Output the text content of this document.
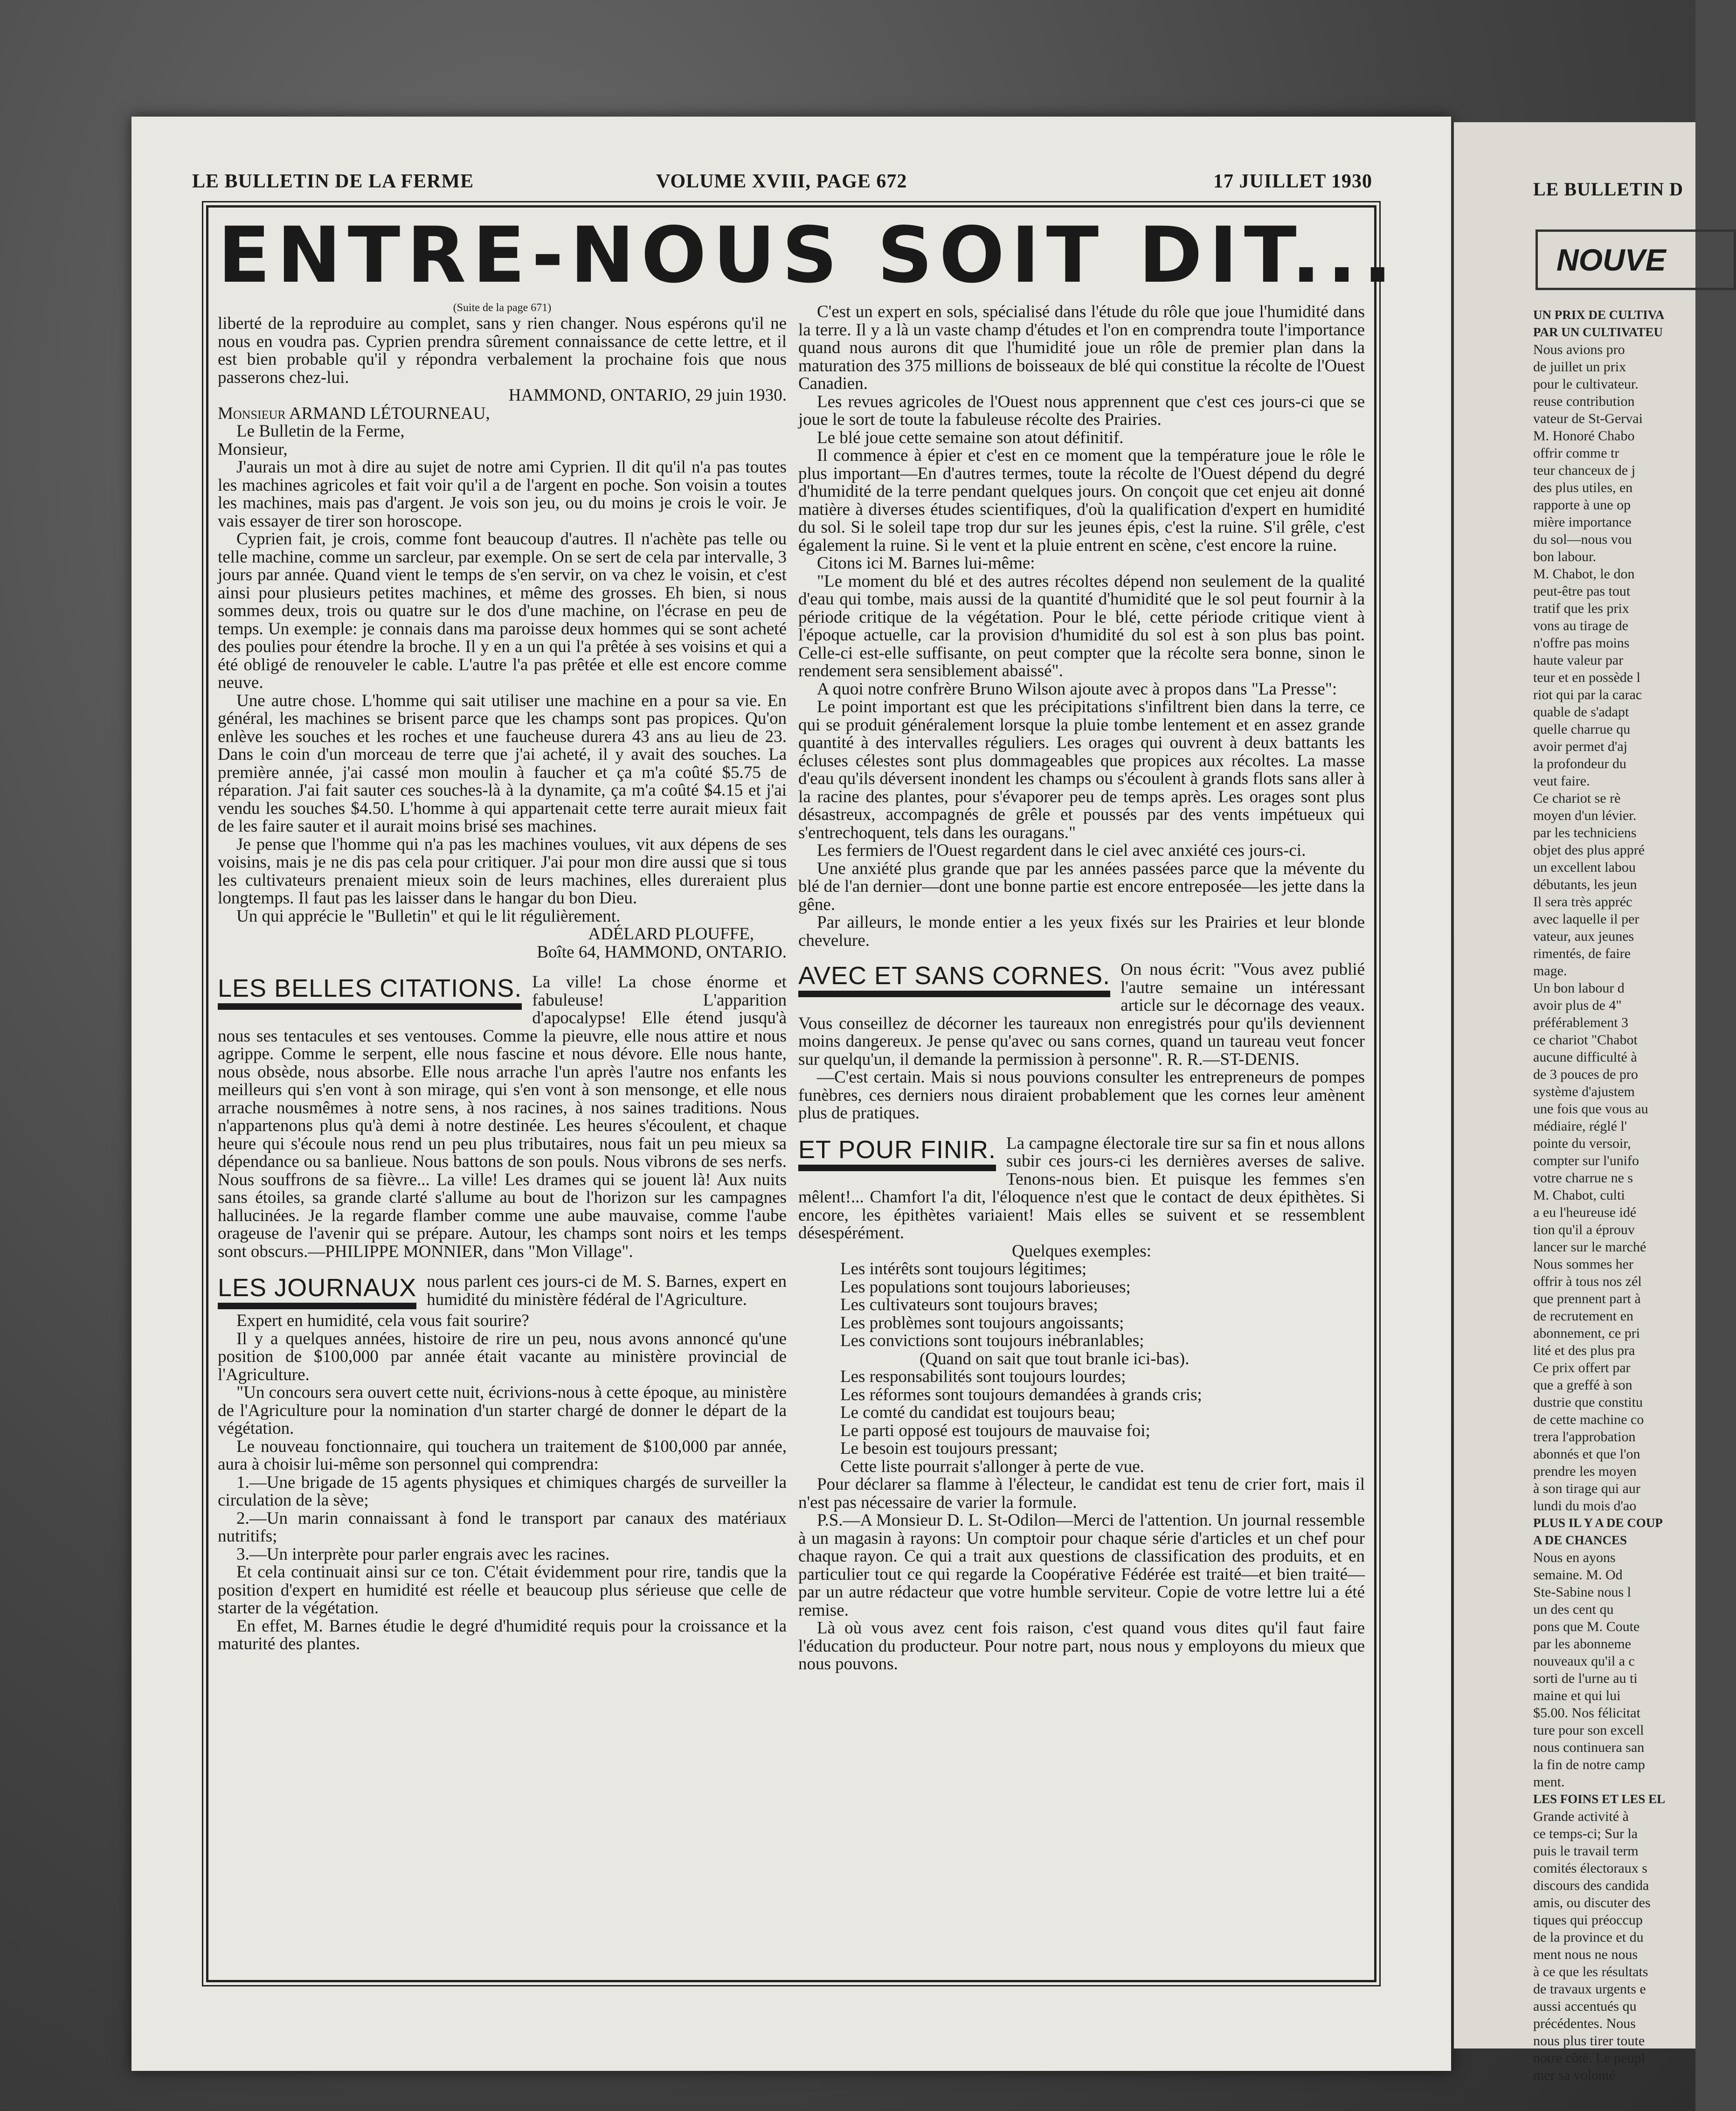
LE BULLETIN DE LA FERME	VOLUME XVIII, PAGE 672	17 JUILLET 1930
ENTRE-NOUS SOIT DIT...
(Suite de la page 671)

liberté de la reproduire au complet, sans y rien changer. Nous espérons qu'il ne nous en voudra pas. Cyprien prendra sûrement connaissance de cette lettre, et il est bien probable qu'il y répondra verbalement la prochaine fois que nous passerons chez-lui.

HAMMOND, ONTARIO, 29 juin 1930.

Monsieur ARMAND LÉTOURNEAU,

Le Bulletin de la Ferme,

Monsieur,

J'aurais un mot à dire au sujet de notre ami Cyprien. Il dit qu'il n'a pas toutes les machines agricoles et fait voir qu'il a de l'argent en poche. Son voisin a toutes les machines, mais pas d'argent. Je vois son jeu, ou du moins je crois le voir. Je vais essayer de tirer son horoscope.

Cyprien fait, je crois, comme font beaucoup d'autres. Il n'achète pas telle ou telle machine, comme un sarcleur, par exemple. On se sert de cela par intervalle, 3 jours par année. Quand vient le temps de s'en servir, on va chez le voisin, et c'est ainsi pour plusieurs petites machines, et même des grosses. Eh bien, si nous sommes deux, trois ou quatre sur le dos d'une machine, on l'écrase en peu de temps. Un exemple: je connais dans ma paroisse deux hommes qui se sont acheté des poulies pour étendre la broche. Il y en a un qui l'a prêtée à ses voisins et qui a été obligé de renouveler le cable. L'autre l'a pas prêtée et elle est encore comme neuve.

Une autre chose. L'homme qui sait utiliser une machine en a pour sa vie. En général, les machines se brisent parce que les champs sont pas propices. Qu'on enlève les souches et les roches et une faucheuse durera 43 ans au lieu de 23. Dans le coin d'un morceau de terre que j'ai acheté, il y avait des souches. La première année, j'ai cassé mon moulin à faucher et ça m'a coûté $5.75 de réparation. J'ai fait sauter ces souches-là à la dynamite, ça m'a coûté $4.15 et j'ai vendu les souches $4.50. L'homme à qui appartenait cette terre aurait mieux fait de les faire sauter et il aurait moins brisé ses machines.

Je pense que l'homme qui n'a pas les machines voulues, vit aux dépens de ses voisins, mais je ne dis pas cela pour critiquer. J'ai pour mon dire aussi que si tous les cultivateurs prenaient mieux soin de leurs machines, elles dureraient plus longtemps. Il faut pas les laisser dans le hangar du bon Dieu.

Un qui apprécie le "Bulletin" et qui le lit régulièrement.

ADÉLARD PLOUFFE,

Boîte 64, HAMMOND, ONTARIO.

LES BELLES CITATIONS. La ville! La chose énorme et fabuleuse! L'apparition d'apocalypse! Elle étend jusqu'à nous ses tentacules et ses ventouses. Comme la pieuvre, elle nous attire et nous agrippe. Comme le serpent, elle nous fascine et nous dévore. Elle nous hante, nous obsède, nous absorbe. Elle nous arrache l'un après l'autre nos enfants les meilleurs qui s'en vont à son mirage, qui s'en vont à son mensonge, et elle nous arrache nousmêmes à notre sens, à nos racines, à nos saines traditions. Nous n'appartenons plus qu'à demi à notre destinée. Les heures s'écoulent, et chaque heure qui s'écoule nous rend un peu plus tributaires, nous fait un peu mieux sa dépendance ou sa banlieue. Nous battons de son pouls. Nous vibrons de ses nerfs. Nous souffrons de sa fièvre... La ville! Les drames qui se jouent là! Aux nuits sans étoiles, sa grande clarté s'allume au bout de l'horizon sur les campagnes hallucinées. Je la regarde flamber comme une aube mauvaise, comme l'aube orageuse de l'avenir qui se prépare. Autour, les champs sont noirs et les temps sont obscurs.—PHILIPPE MONNIER, dans "Mon Village".

LES JOURNAUX nous parlent ces jours-ci de M. S. Barnes, expert en humidité du ministère fédéral de l'Agriculture.

Expert en humidité, cela vous fait sourire?

Il y a quelques années, histoire de rire un peu, nous avons annoncé qu'une position de $100,000 par année était vacante au ministère provincial de l'Agriculture.

"Un concours sera ouvert cette nuit, écrivions-nous à cette époque, au ministère de l'Agriculture pour la nomination d'un starter chargé de donner le départ de la végétation.

Le nouveau fonctionnaire, qui touchera un traitement de $100,000 par année, aura à choisir lui-même son personnel qui comprendra:

1.—Une brigade de 15 agents physiques et chimiques chargés de surveiller la circulation de la sève;

2.—Un marin connaissant à fond le transport par canaux des matériaux nutritifs;

3.—Un interprète pour parler engrais avec les racines.

Et cela continuait ainsi sur ce ton. C'était évidemment pour rire, tandis que la position d'expert en humidité est réelle et beaucoup plus sérieuse que celle de starter de la végétation.

En effet, M. Barnes étudie le degré d'humidité requis pour la croissance et la maturité des plantes.

C'est un expert en sols, spécialisé dans l'étude du rôle que joue l'humidité dans la terre. Il y a là un vaste champ d'études et l'on en comprendra toute l'importance quand nous aurons dit que l'humidité joue un rôle de premier plan dans la maturation des 375 millions de boisseaux de blé qui constitue la récolte de l'Ouest Canadien.

Les revues agricoles de l'Ouest nous apprennent que c'est ces jours-ci que se joue le sort de toute la fabuleuse récolte des Prairies.

Le blé joue cette semaine son atout définitif.

Il commence à épier et c'est en ce moment que la température joue le rôle le plus important—En d'autres termes, toute la récolte de l'Ouest dépend du degré d'humidité de la terre pendant quelques jours. On conçoit que cet enjeu ait donné matière à diverses études scientifiques, d'où la qualification d'expert en humidité du sol. Si le soleil tape trop dur sur les jeunes épis, c'est la ruine. S'il grêle, c'est également la ruine. Si le vent et la pluie entrent en scène, c'est encore la ruine.

Citons ici M. Barnes lui-même:

"Le moment du blé et des autres récoltes dépend non seulement de la qualité d'eau qui tombe, mais aussi de la quantité d'humidité que le sol peut fournir à la période critique de la végétation. Pour le blé, cette période critique vient à l'époque actuelle, car la provision d'humidité du sol est à son plus bas point. Celle-ci est-elle suffisante, on peut compter que la récolte sera bonne, sinon le rendement sera sensiblement abaissé".

A quoi notre confrère Bruno Wilson ajoute avec à propos dans "La Presse":

Le point important est que les précipitations s'infiltrent bien dans la terre, ce qui se produit généralement lorsque la pluie tombe lentement et en assez grande quantité à des intervalles réguliers. Les orages qui ouvrent à deux battants les écluses célestes sont plus dommageables que propices aux récoltes. La masse d'eau qu'ils déversent inondent les champs ou s'écoulent à grands flots sans aller à la racine des plantes, pour s'évaporer peu de temps après. Les orages sont plus désastreux, accompagnés de grêle et poussés par des vents impétueux qui s'entrechoquent, tels dans les ouragans."

Les fermiers de l'Ouest regardent dans le ciel avec anxiété ces jours-ci.

Une anxiété plus grande que par les années passées parce que la mévente du blé de l'an dernier—dont une bonne partie est encore entreposée—les jette dans la gêne.

Par ailleurs, le monde entier a les yeux fixés sur les Prairies et leur blonde chevelure.

AVEC ET SANS CORNES. On nous écrit: "Vous avez publié l'autre semaine un intéressant article sur le décornage des veaux. Vous conseillez de décorner les taureaux non enregistrés pour qu'ils deviennent moins dangereux. Je pense qu'avec ou sans cornes, quand un taureau veut foncer sur quelqu'un, il demande la permission à personne". R. R.—ST-DENIS.

—C'est certain. Mais si nous pouvions consulter les entrepreneurs de pompes funèbres, ces derniers nous diraient probablement que les cornes leur amènent plus de pratiques.

ET POUR FINIR. La campagne électorale tire sur sa fin et nous allons subir ces jours-ci les dernières averses de salive. Tenons-nous bien. Et puisque les femmes s'en mêlent!... Chamfort l'a dit, l'éloquence n'est que le contact de deux épithètes. Si encore, les épithètes variaient! Mais elles se suivent et se ressemblent désespérément.

Quelques exemples:

Les intérêts sont toujours légitimes;
Les populations sont toujours laborieuses;
Les cultivateurs sont toujours braves;
Les problèmes sont toujours angoissants;
Les convictions sont toujours inébranlables;
(Quand on sait que tout branle ici-bas).
Les responsabilités sont toujours lourdes;
Les réformes sont toujours demandées à grands cris;
Le comté du candidat est toujours beau;
Le parti opposé est toujours de mauvaise foi;
Le besoin est toujours pressant;
Cette liste pourrait s'allonger à perte de vue.

Pour déclarer sa flamme à l'électeur, le candidat est tenu de crier fort, mais il n'est pas nécessaire de varier la formule.

P.S.—A Monsieur D. L. St-Odilon—Merci de l'attention. Un journal ressemble à un magasin à rayons: Un comptoir pour chaque série d'articles et un chef pour chaque rayon. Ce qui a trait aux questions de classification des produits, et en particulier tout ce qui regarde la Coopérative Fédérée est traité—et bien traité—par un autre rédacteur que votre humble serviteur. Copie de votre lettre lui a été remise.

Là où vous avez cent fois raison, c'est quand vous dites qu'il faut faire l'éducation du producteur. Pour notre part, nous nous y employons du mieux que nous pouvons.

LE BULLETIN D
NOUVE
UN PRIX DE CULTIVA
PAR UN CULTIVATEU
Nous avions pro
de juillet un prix
pour le cultivateur.
reuse contribution
vateur de St-Gervai
M. Honoré Chabo
offrir comme tr
teur chanceux de j
des plus utiles, en
rapporte à une op
mière importance
du sol—nous vou
bon labour.
M. Chabot, le don
peut-être pas tout
tratif que les prix
vons au tirage de
n'offre pas moins
haute valeur par
teur et en possède l
riot qui par la carac
quable de s'adapt
quelle charrue qu
avoir permet d'aj
la profondeur du
veut faire.
Ce chariot se rè
moyen d'un lévier.
par les techniciens
objet des plus appré
un excellent labou
débutants, les jeun
Il sera très appréc
avec laquelle il per
vateur, aux jeunes
rimentés, de faire
mage.
Un bon labour d
avoir plus de 4"
préférablement 3
ce chariot "Chabot
aucune difficulté à
de 3 pouces de pro
système d'ajustem
une fois que vous au
médiaire, réglé l'
pointe du versoir,
compter sur l'unifo
votre charrue ne s
M. Chabot, culti
a eu l'heureuse idé
tion qu'il a éprouv
lancer sur le marché
Nous sommes her
offrir à tous nos zél
que prennent part à
de recrutement en
abonnement, ce pri
lité et des plus pra
Ce prix offert par
que a greffé à son
dustrie que constitu
de cette machine co
trera l'approbation
abonnés et que l'on
prendre les moyen
à son tirage qui aur
lundi du mois d'ao
PLUS IL Y A DE COUP
A DE CHANCES
Nous en ayons
semaine. M. Od
Ste-Sabine nous l
un des cent qu
pons que M. Coute
par les abonneme
nouveaux qu'il a c
sorti de l'urne au ti
maine et qui lui
$5.00. Nos félicitat
ture pour son excell
nous continuera san
la fin de notre camp
ment.
LES FOINS ET LES EL
Grande activité à
ce temps-ci; Sur la
puis le travail term
comités électoraux s
discours des candida
amis, ou discuter des
tiques qui préoccup
de la province et du
ment nous ne nous
à ce que les résultats
de travaux urgents e
aussi accentués qu
précédentes. Nous
nous plus tirer toute
notre côté. Le peupl
mer sa volonté
